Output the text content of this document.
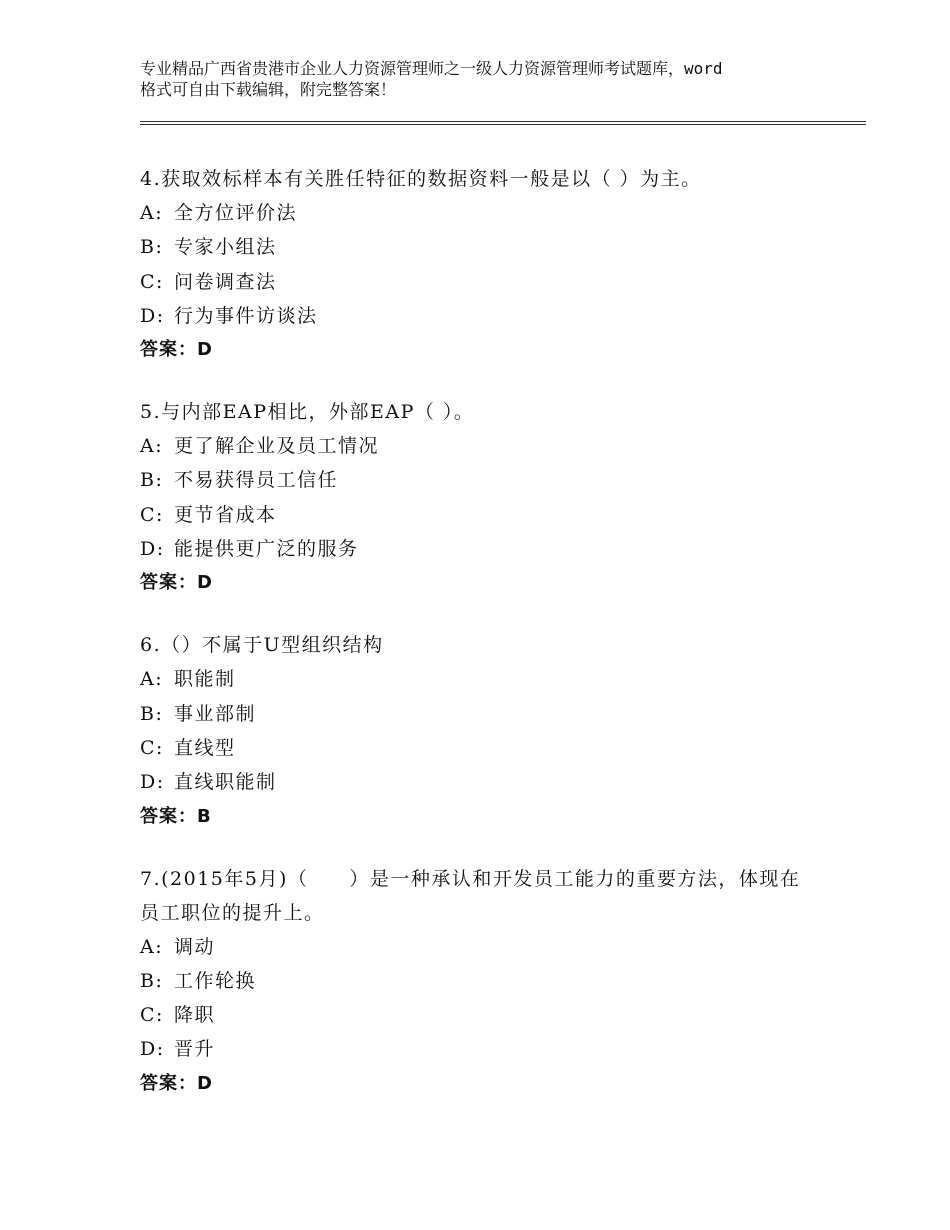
专业精品广西省贵港市企业人力资源管理师之一级人力资源管理师考试题库，word
格式可自由下载编辑，附完整答案！
4.获取效标样本有关胜任特征的数据资料一般是以（ ）为主。
A: 全方位评价法
B: 专家小组法
C: 问卷调查法
D: 行为事件访谈法
答案：D
5.与内部EAP相比，外部EAP（ ）。
A: 更了解企业及员工情况
B: 不易获得员工信任
C: 更节省成本
D: 能提供更广泛的服务
答案：D
6.（）不属于U型组织结构
A: 职能制
B: 事业部制
C: 直线型
D: 直线职能制
答案：B
7.(2015年5月)（　　）是一种承认和开发员工能力的重要方法，体现在员工职位的提升上。
A: 调动
B: 工作轮换
C: 降职
D: 晋升
答案：D
